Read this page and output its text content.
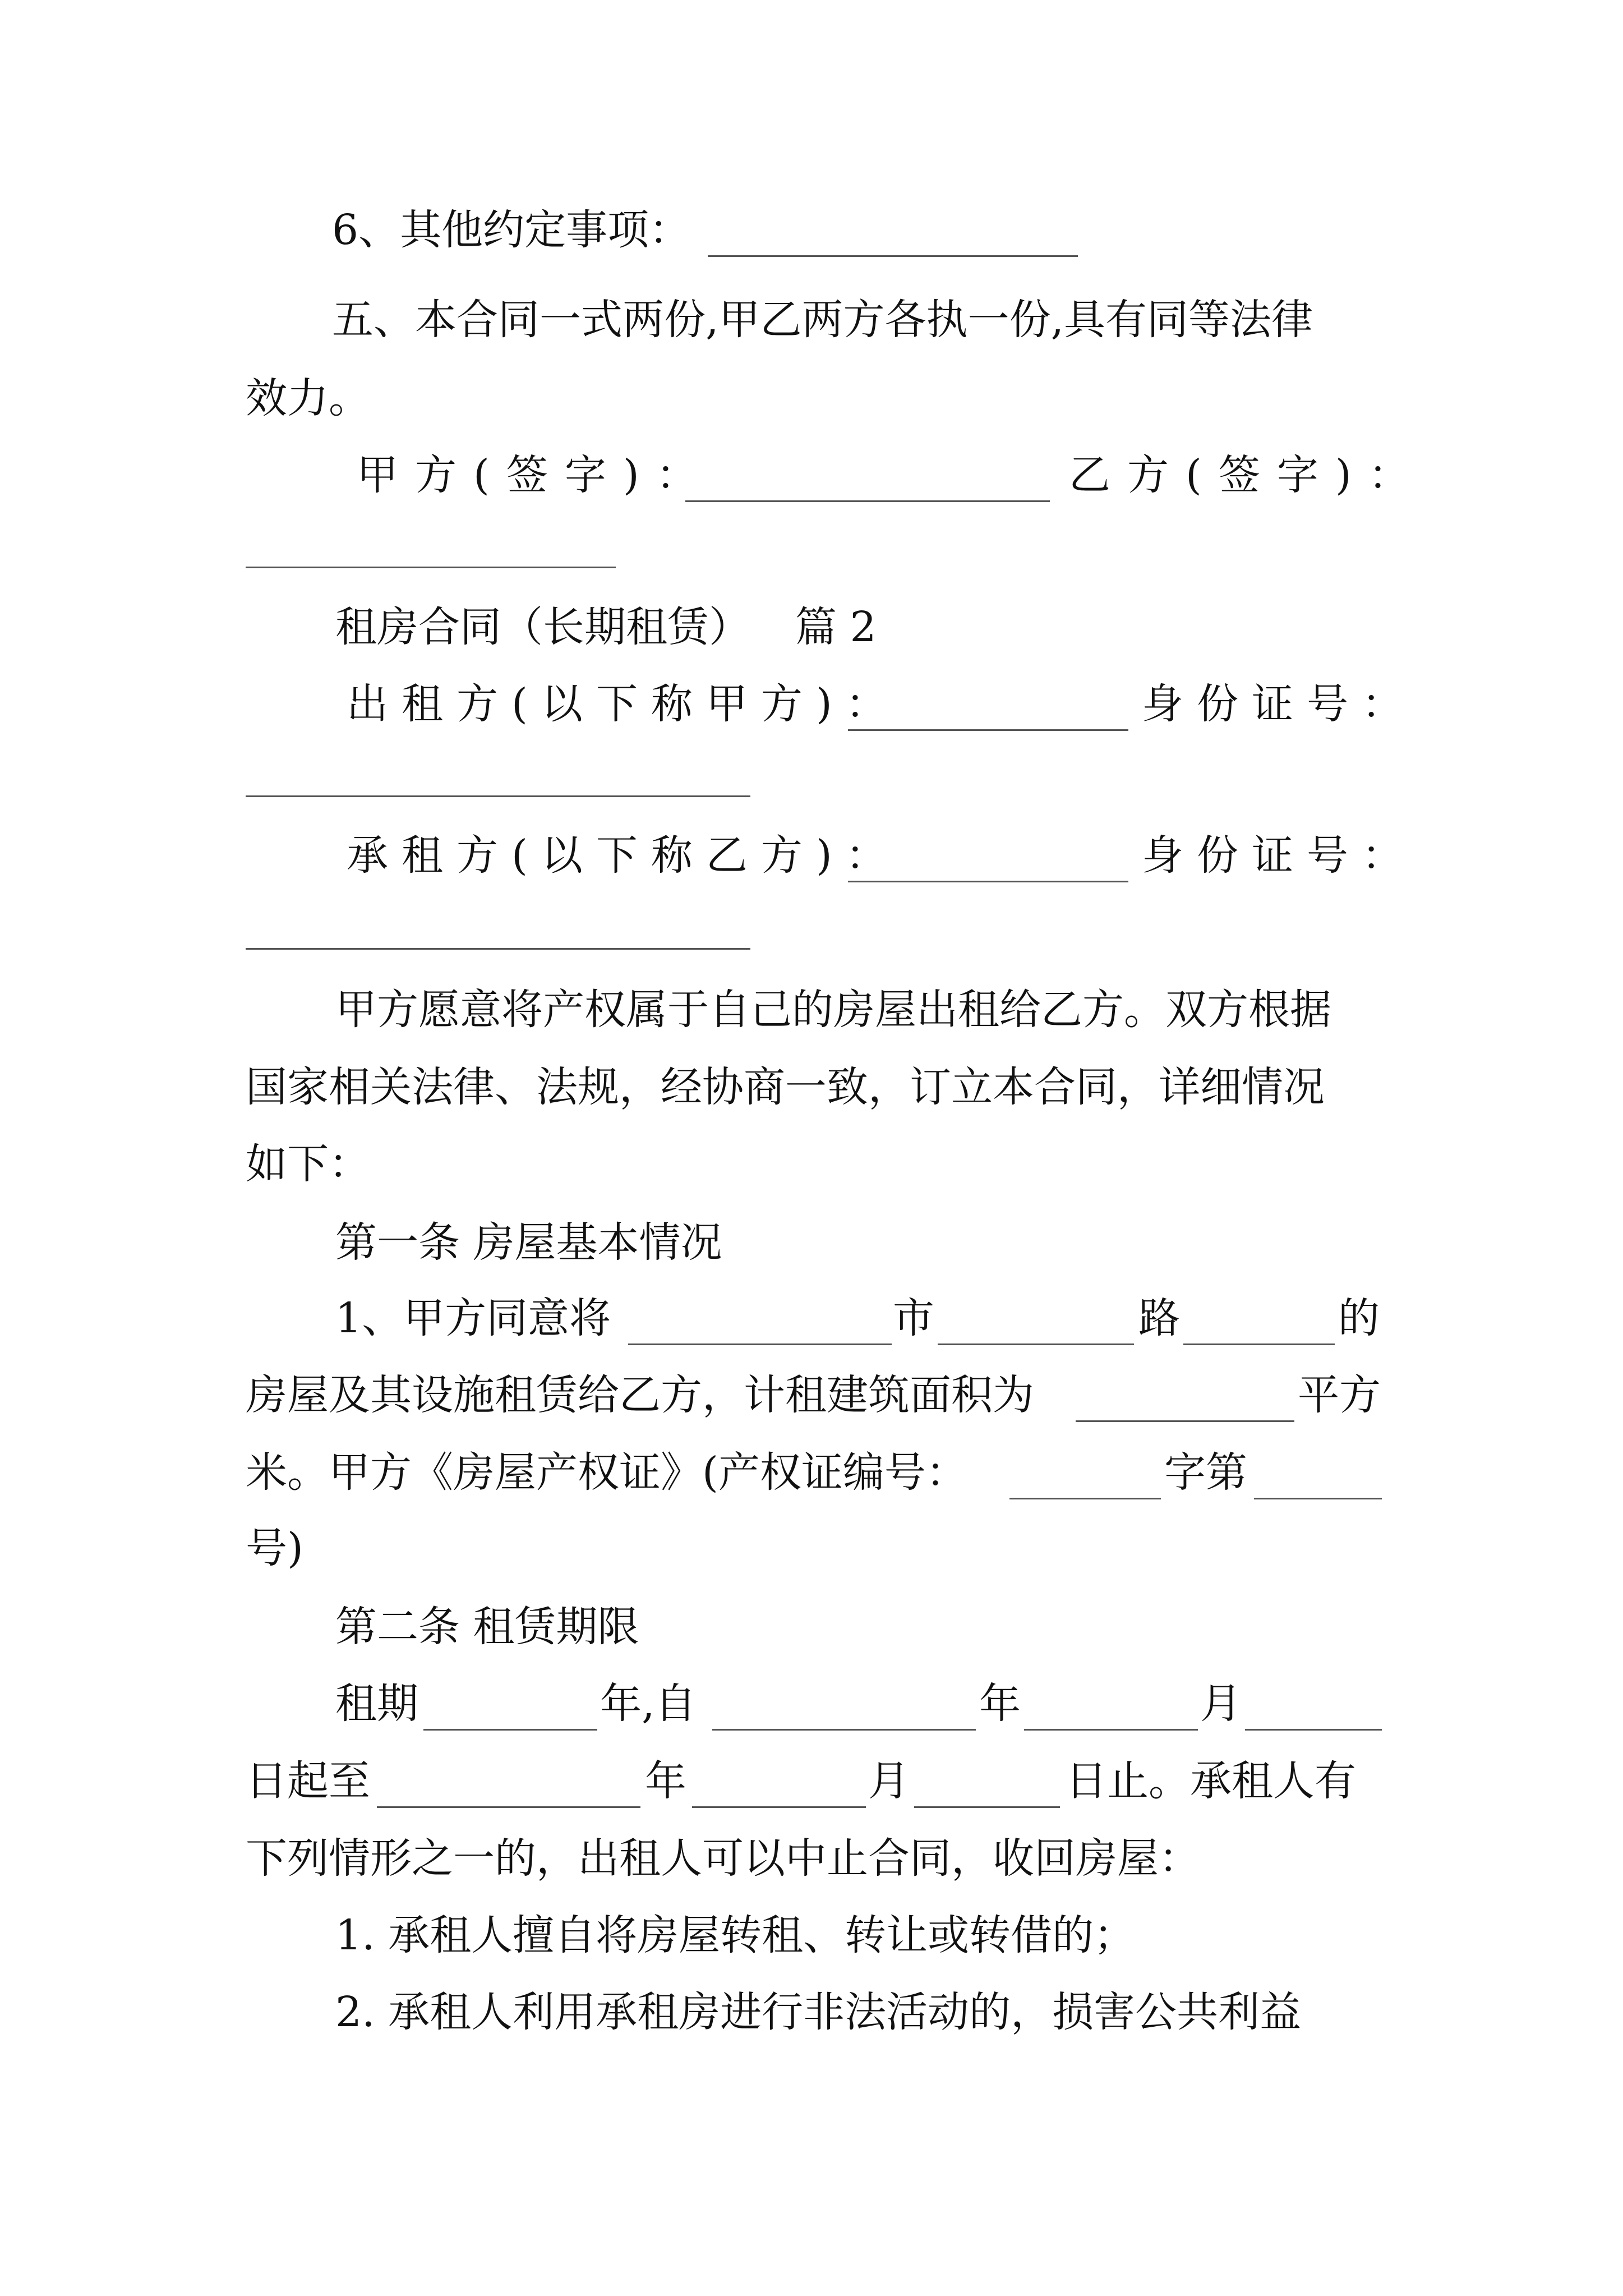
6、其他约定事项：
五、本合同一式两份,甲乙两方各执一份,具有同等法律
效力。
甲方(签字)：	乙方(签字)：
租房合同（长期租赁） 篇 2
出租方(以下称甲方)：	身份证号：
承租方(以下称乙方)：	身份证号：
甲方愿意将产权属于自己的房屋出租给乙方。双方根据
国家相关法律、法规，经协商一致，订立本合同，详细情况
如下：
第一条 房屋基本情况
1、甲方同意将	市	路	的
房屋及其设施租赁给乙方，计租建筑面积为	平方
米。甲方《房屋产权证》(产权证编号：	字第
号)
第二条 租赁期限
租期	年,自	年	月
日起至	年	月	日止。承租人有
下列情形之一的，出租人可以中止合同，收回房屋：
1. 承租人擅自将房屋转租、转让或转借的；
2. 承租人利用承租房进行非法活动的，损害公共利益
